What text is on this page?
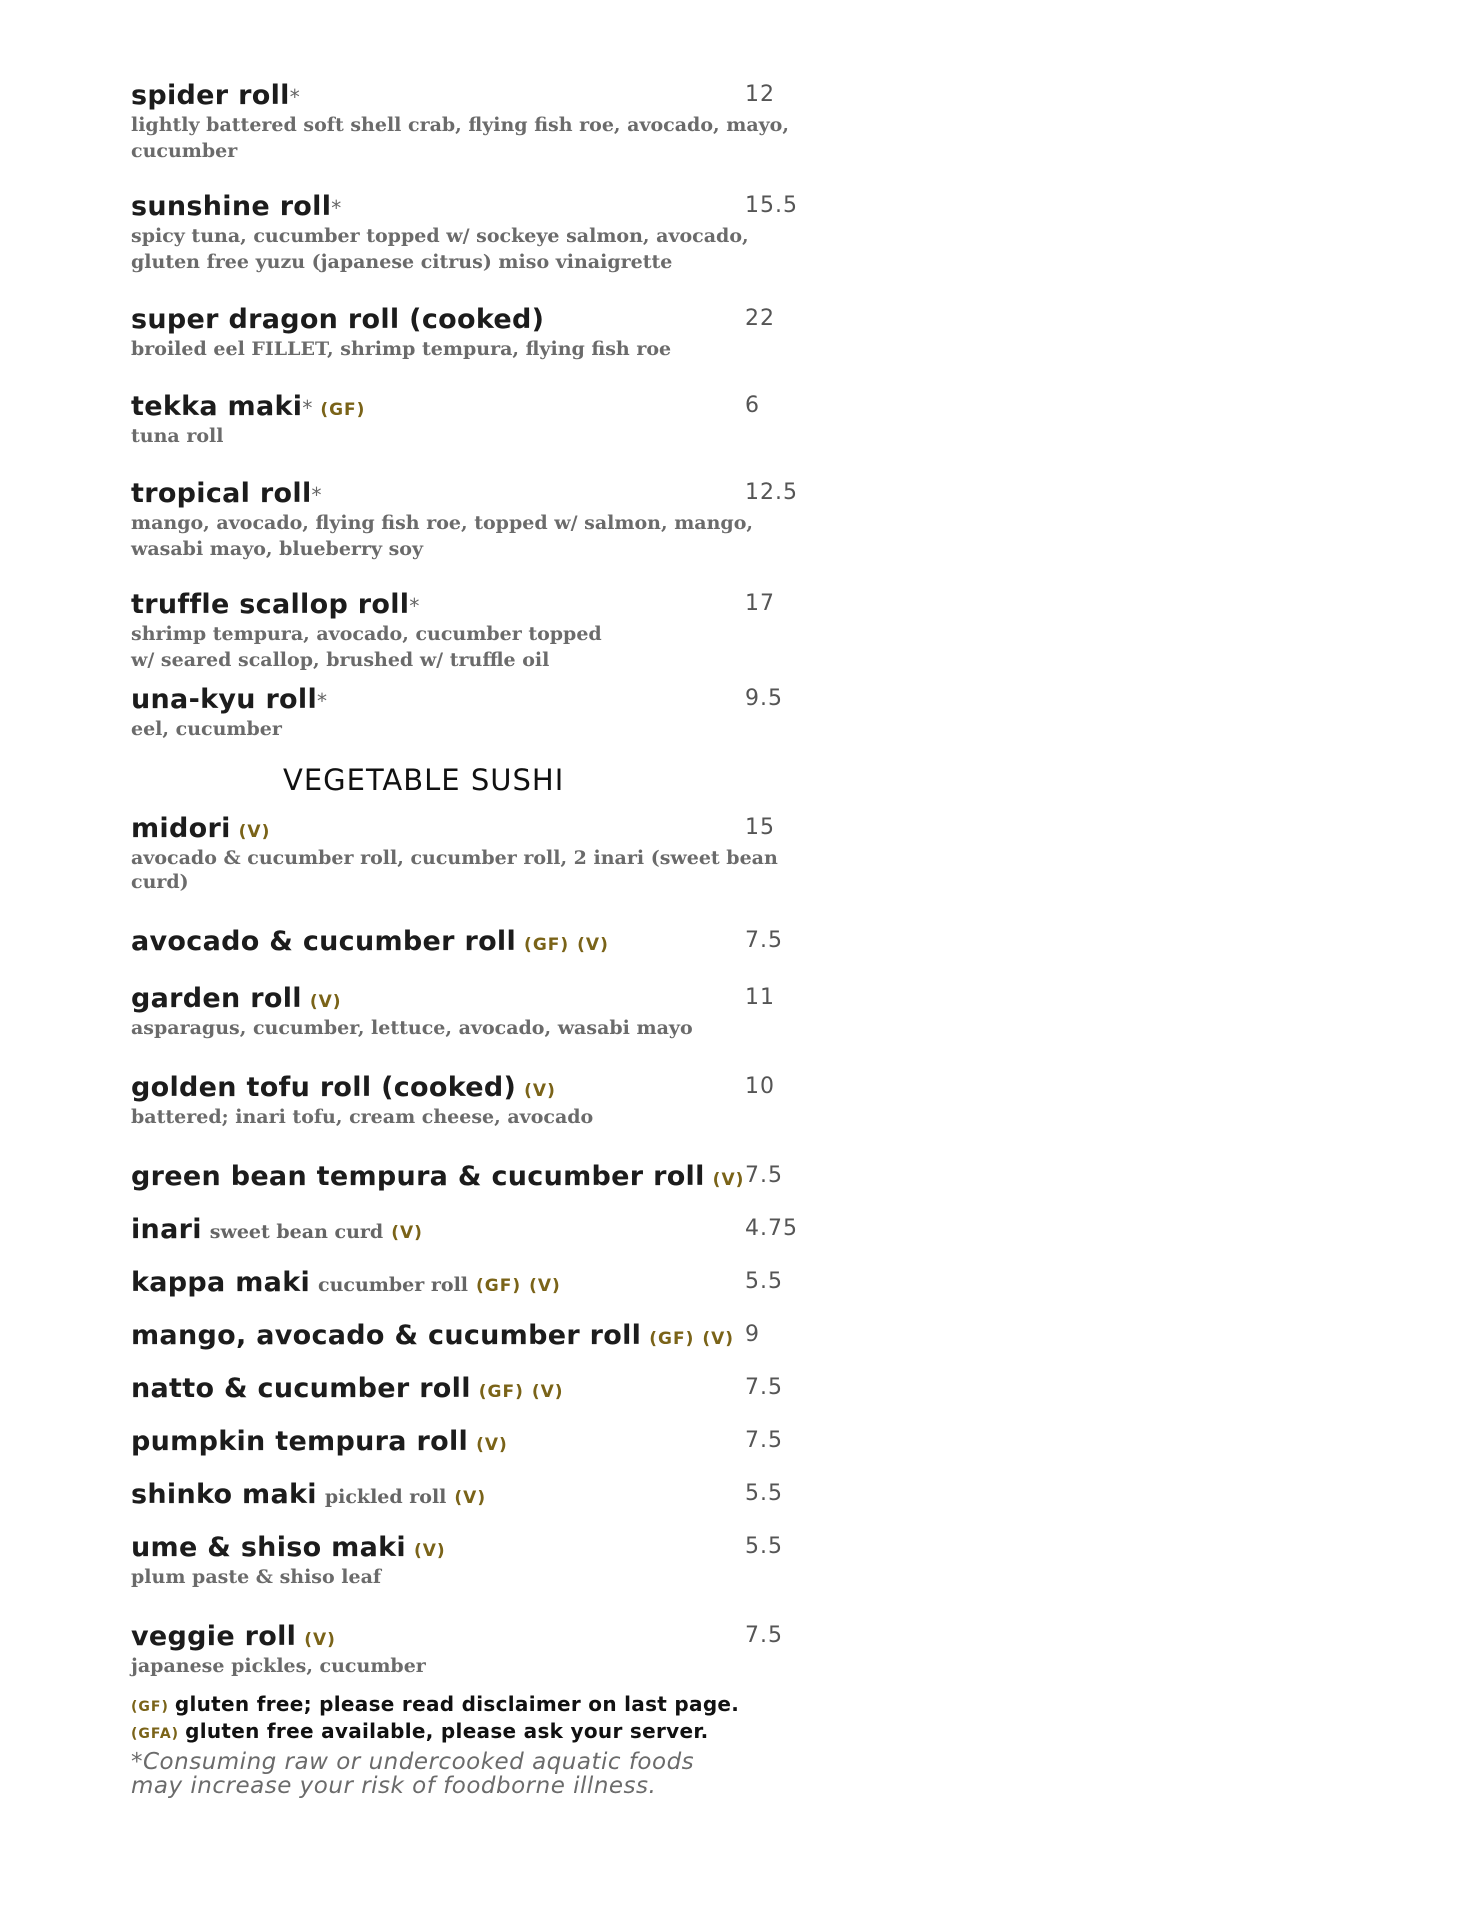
spider roll *	12
lightly battered soft shell crab, flying fish roe, avocado, mayo,
cucumber
sunshine roll *	15.5
spicy tuna, cucumber topped w/ sockeye salmon, avocado,
gluten free yuzu (japanese citrus) miso vinaigrette
super dragon roll (cooked)	22
broiled eel FILLET, shrimp tempura, flying fish roe
tekka maki * (GF)	6
tuna roll
tropical roll *	12.5
mango, avocado, flying fish roe, topped w/ salmon, mango,
wasabi mayo, blueberry soy
truffle scallop roll *	17
shrimp tempura, avocado, cucumber topped
w/ seared scallop, brushed w/ truffle oil
una-kyu roll *	9.5
eel, cucumber
VEGETABLE SUSHI
midori (V)	15
avocado & cucumber roll, cucumber roll, 2 inari (sweet bean curd)
avocado & cucumber roll (GF) (V)	7.5
garden roll (V)	11
asparagus, cucumber, lettuce, avocado, wasabi mayo
golden tofu roll (cooked) (V)	10
battered; inari tofu, cream cheese, avocado
green bean tempura & cucumber roll (V) 7.5
inari sweet bean curd (V)	4.75
kappa maki cucumber roll (GF) (V)	5.5
mango, avocado & cucumber roll (GF) (V) 9
natto & cucumber roll (GF) (V)	7.5
pumpkin tempura roll (V)	7.5
shinko maki pickled roll (V)	5.5
ume & shiso maki (V)	5.5
plum paste & shiso leaf
veggie roll (V)	7.5
japanese pickles, cucumber
(GF) gluten free; please read disclaimer on last page.
(GFA) gluten free available, please ask your server.
*Consuming raw or undercooked aquatic foods
may increase your risk of foodborne illness.
